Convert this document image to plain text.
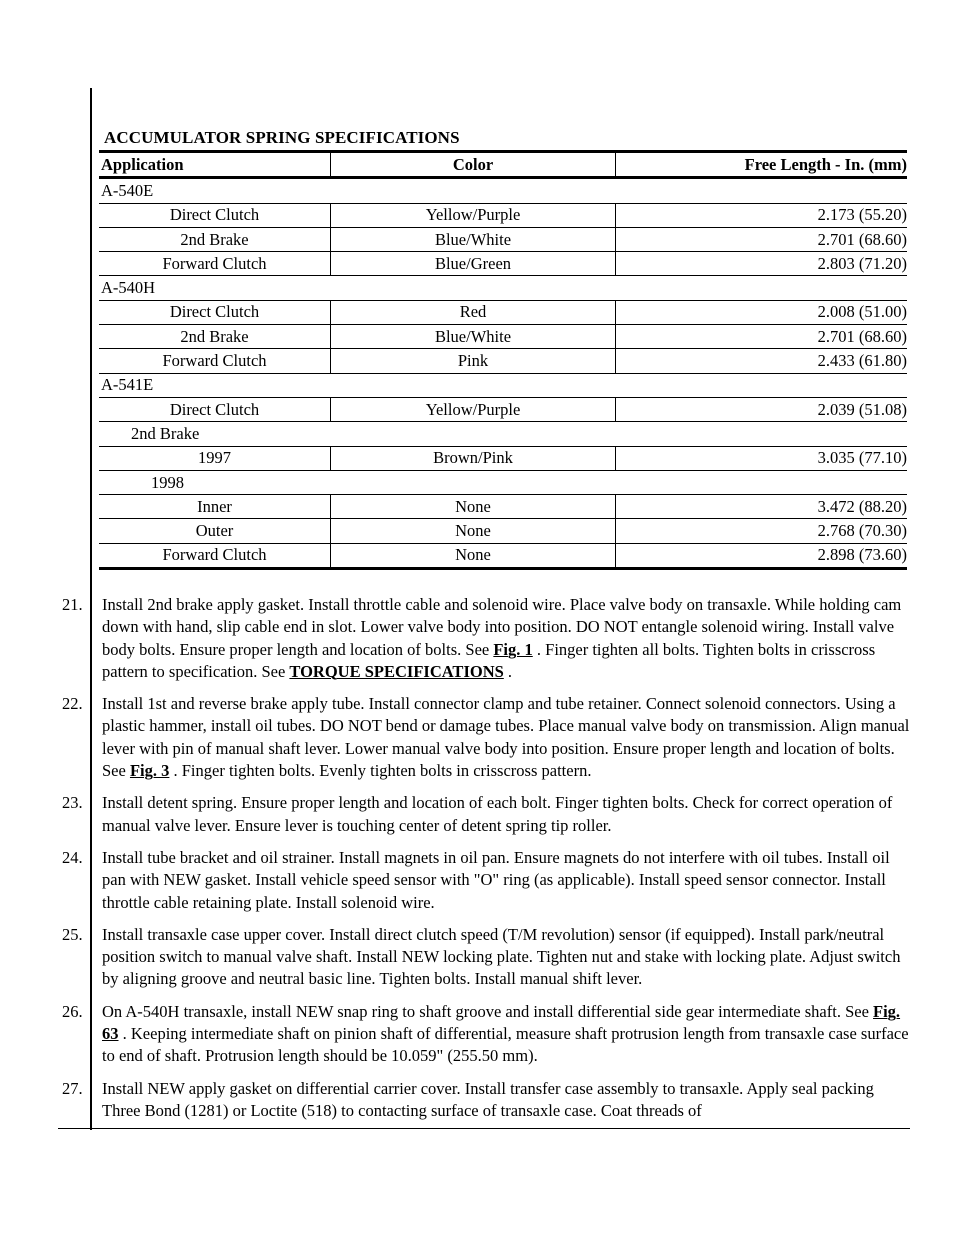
ACCUMULATOR SPRING SPECIFICATIONS
Application	Color	Free Length - In. (mm)
A-540E		
Direct Clutch	Yellow/Purple	2.173 (55.20)
2nd Brake	Blue/White	2.701 (68.60)
Forward Clutch	Blue/Green	2.803 (71.20)
A-540H		
Direct Clutch	Red	2.008 (51.00)
2nd Brake	Blue/White	2.701 (68.60)
Forward Clutch	Pink	2.433 (61.80)
A-541E		
Direct Clutch	Yellow/Purple	2.039 (51.08)
2nd Brake		
1997	Brown/Pink	3.035 (77.10)
1998		
Inner	None	3.472 (88.20)
Outer	None	2.768 (70.30)
Forward Clutch	None	2.898 (73.60)
21. Install 2nd brake apply gasket. Install throttle cable and solenoid wire. Place valve body on transaxle. While holding cam down with hand, slip cable end in slot. Lower valve body into position. DO NOT entangle solenoid wiring. Install valve body bolts. Ensure proper length and location of bolts. See Fig. 1 . Finger tighten all bolts. Tighten bolts in crisscross pattern to specification. See TORQUE SPECIFICATIONS .
22. Install 1st and reverse brake apply tube. Install connector clamp and tube retainer. Connect solenoid connectors. Using a plastic hammer, install oil tubes. DO NOT bend or damage tubes. Place manual valve body on transmission. Align manual lever with pin of manual shaft lever. Lower manual valve body into position. Ensure proper length and location of bolts. See Fig. 3 . Finger tighten bolts. Evenly tighten bolts in crisscross pattern.
23. Install detent spring. Ensure proper length and location of each bolt. Finger tighten bolts. Check for correct operation of manual valve lever. Ensure lever is touching center of detent spring tip roller.
24. Install tube bracket and oil strainer. Install magnets in oil pan. Ensure magnets do not interfere with oil tubes. Install oil pan with NEW gasket. Install vehicle speed sensor with "O" ring (as applicable). Install speed sensor connector. Install throttle cable retaining plate. Install solenoid wire.
25. Install transaxle case upper cover. Install direct clutch speed (T/M revolution) sensor (if equipped). Install park/neutral position switch to manual valve shaft. Install NEW locking plate. Tighten nut and stake with locking plate. Adjust switch by aligning groove and neutral basic line. Tighten bolts. Install manual shift lever.
26. On A-540H transaxle, install NEW snap ring to shaft groove and install differential side gear intermediate shaft. See Fig. 63 . Keeping intermediate shaft on pinion shaft of differential, measure shaft protrusion length from transaxle case surface to end of shaft. Protrusion length should be 10.059" (255.50 mm).
27. Install NEW apply gasket on differential carrier cover. Install transfer case assembly to transaxle. Apply seal packing Three Bond (1281) or Loctite (518) to contacting surface of transaxle case. Coat threads of
